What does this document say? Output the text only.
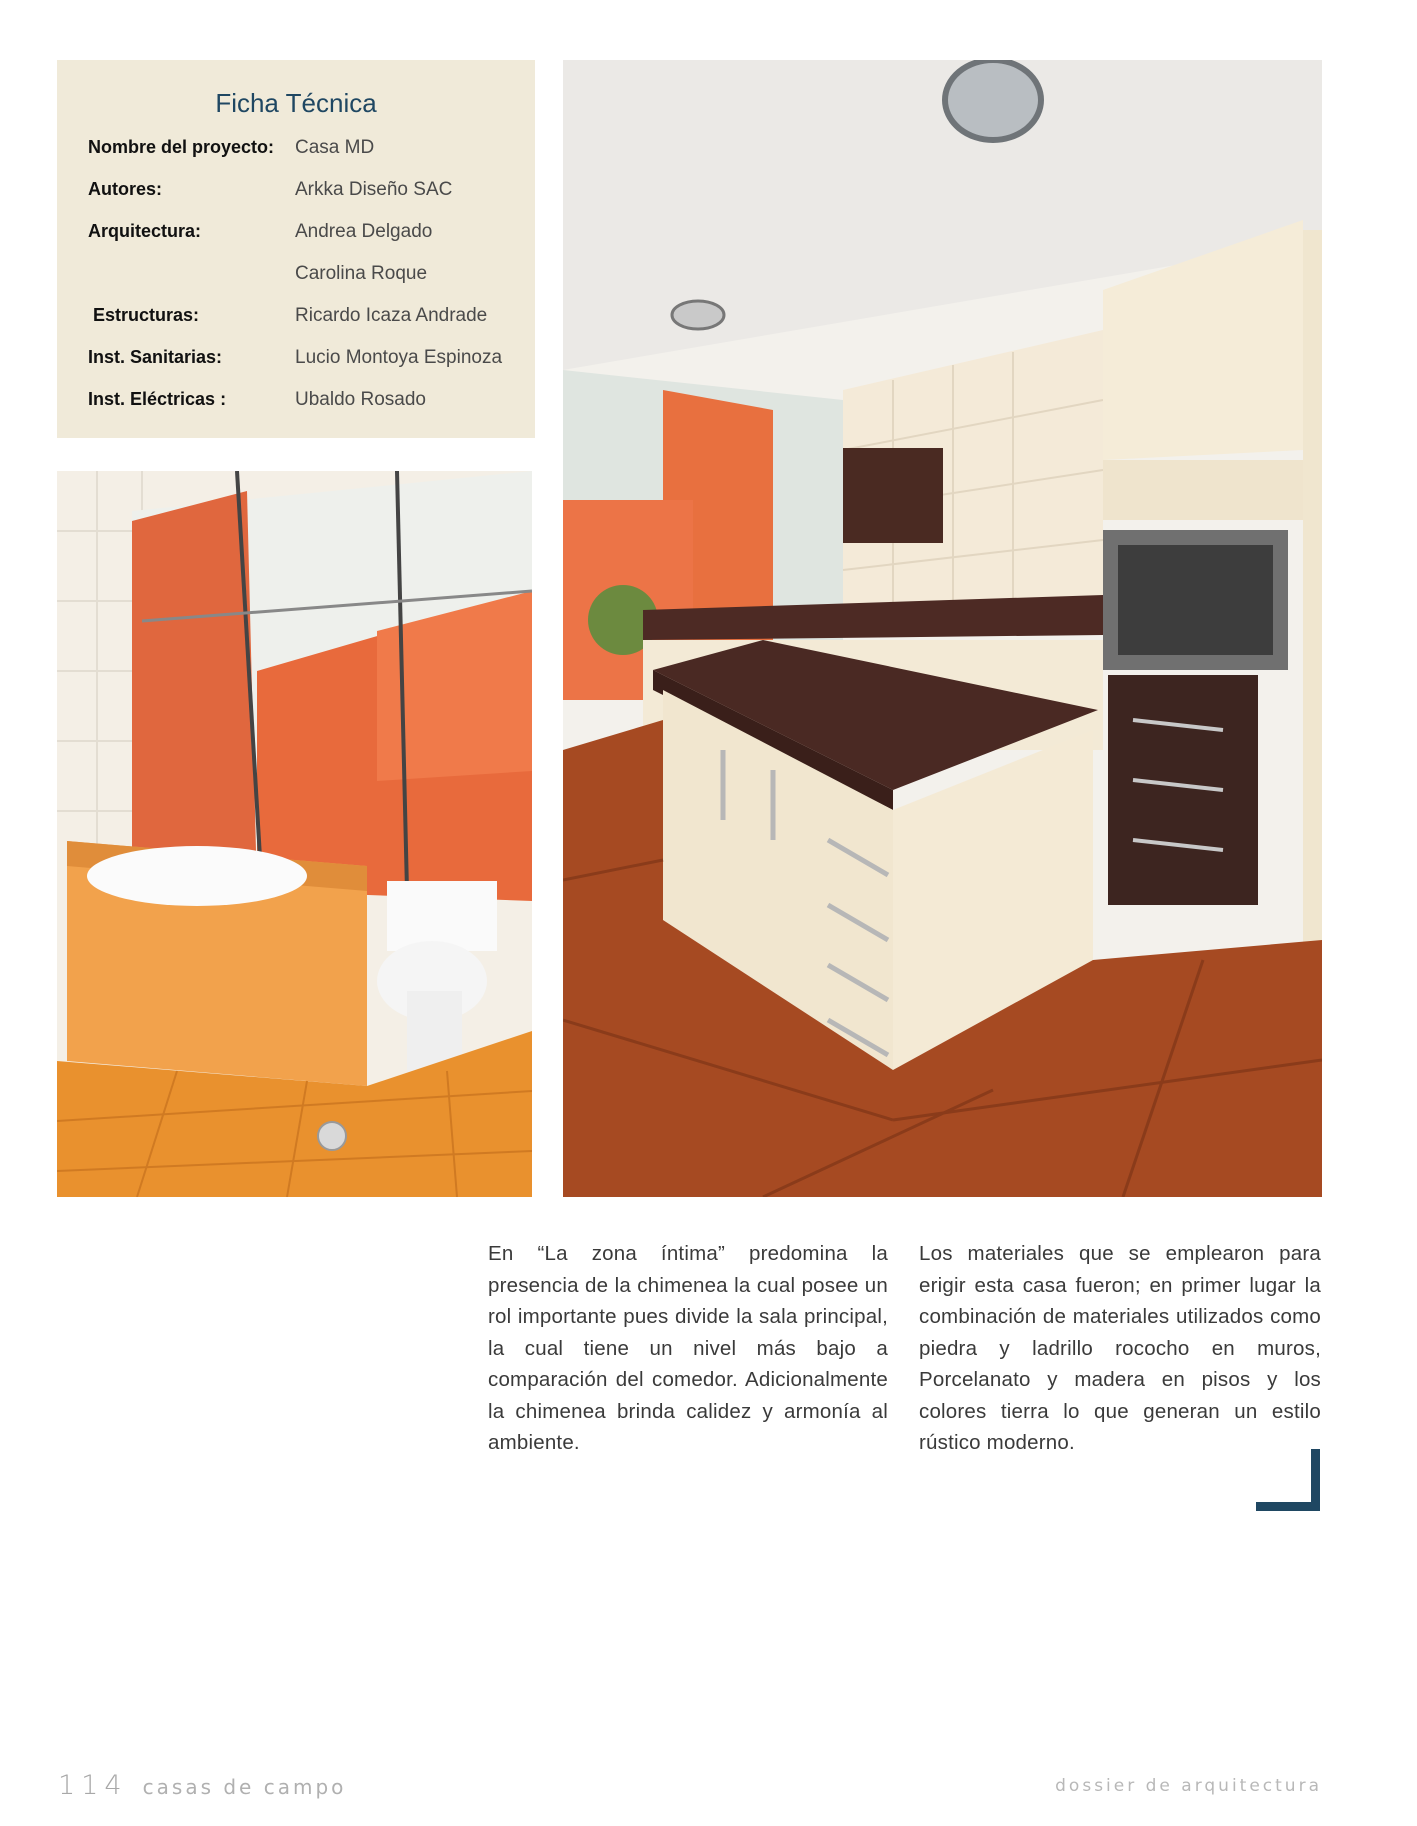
Ficha Técnica
Nombre del proyecto: Casa MD
Autores:	Arkka Diseño SAC
Arquitectura:	Andrea Delgado
Carolina Roque
Estructuras:	Ricardo Icaza Andrade
Inst. Sanitarias:	Lucio Montoya Espinoza
Inst. Eléctricas :	Ubaldo Rosado
En “La zona íntima” predomina la presencia de la chimenea la cual posee un rol importante pues divide la sala principal, la cual tiene un nivel más bajo a comparación del comedor. Adicionalmente la chimenea brinda calidez y armonía al ambiente.
Los materiales que se emplearon para erigir esta casa fueron; en primer lugar la combinación de materiales utilizados como piedra y ladrillo rococho en muros, Porcelanato y madera en pisos y los colores tierra lo que generan un estilo rústico moderno.
114 casas de campo	dossier de arquitectura
